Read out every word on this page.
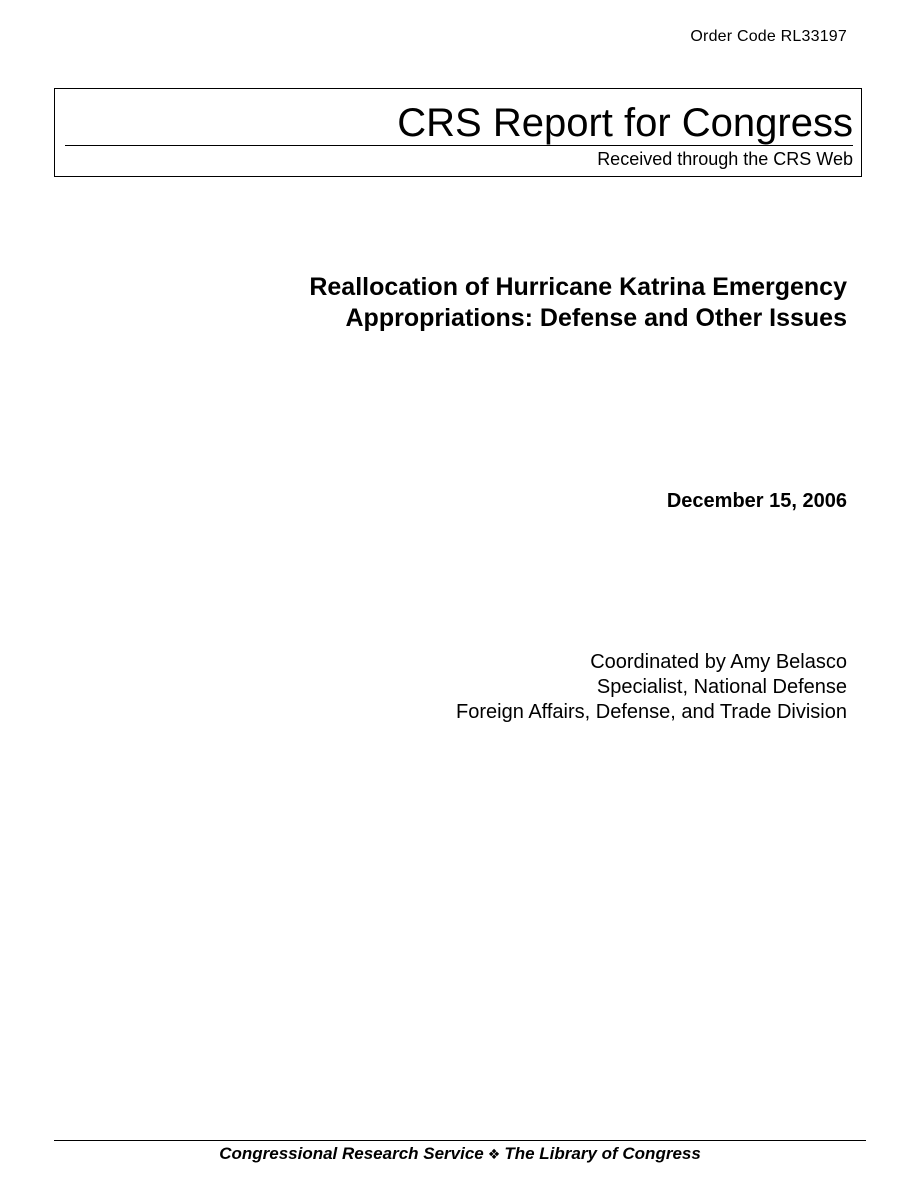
Order Code RL33197
CRS Report for Congress
Received through the CRS Web
Reallocation of Hurricane Katrina Emergency
Appropriations: Defense and Other Issues
December 15, 2006
Coordinated by Amy Belasco
Specialist, National Defense
Foreign Affairs, Defense, and Trade Division
Congressional Research Service ❖ The Library of Congress
